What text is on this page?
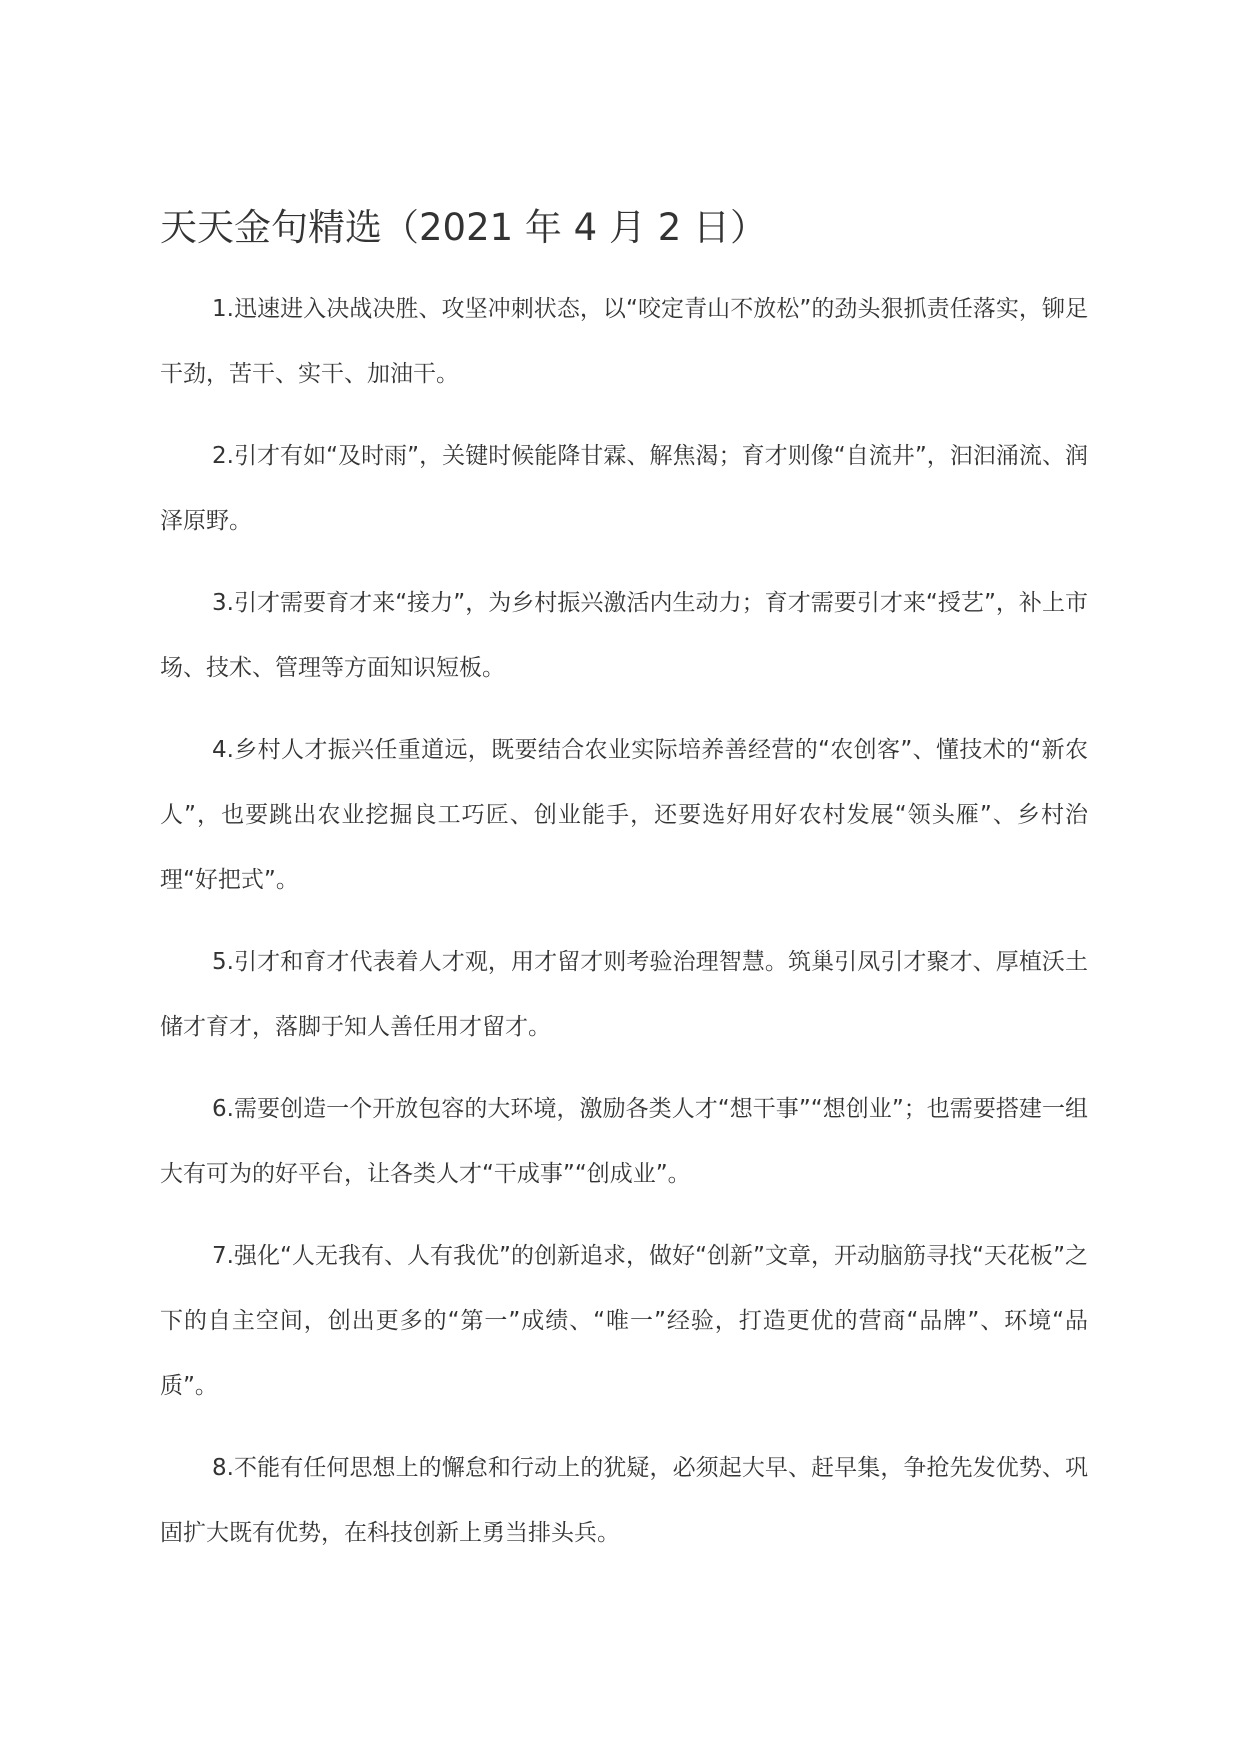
天天金句精选（2021 年 4 月 2 日）

1.迅速进入决战决胜、攻坚冲刺状态，以“咬定青山不放松”的劲头狠抓责任落实，铆足干劲，苦干、实干、加油干。

2.引才有如“及时雨”，关键时候能降甘霖、解焦渴；育才则像“自流井”，汩汩涌流、润泽原野。

3.引才需要育才来“接力”，为乡村振兴激活内生动力；育才需要引才来“授艺”，补上市场、技术、管理等方面知识短板。

4.乡村人才振兴任重道远，既要结合农业实际培养善经营的“农创客”、懂技术的“新农人”，也要跳出农业挖掘良工巧匠、创业能手，还要选好用好农村发展“领头雁”、乡村治理“好把式”。

5.引才和育才代表着人才观，用才留才则考验治理智慧。筑巢引凤引才聚才、厚植沃土储才育才，落脚于知人善任用才留才。

6.需要创造一个开放包容的大环境，激励各类人才“想干事”“想创业”；也需要搭建一组大有可为的好平台，让各类人才“干成事”“创成业”。

7.强化“人无我有、人有我优”的创新追求，做好“创新”文章，开动脑筋寻找“天花板”之下的自主空间，创出更多的“第一”成绩、“唯一”经验，打造更优的营商“品牌”、环境“品质”。

8.不能有任何思想上的懈怠和行动上的犹疑，必须起大早、赶早集，争抢先发优势、巩固扩大既有优势，在科技创新上勇当排头兵。
